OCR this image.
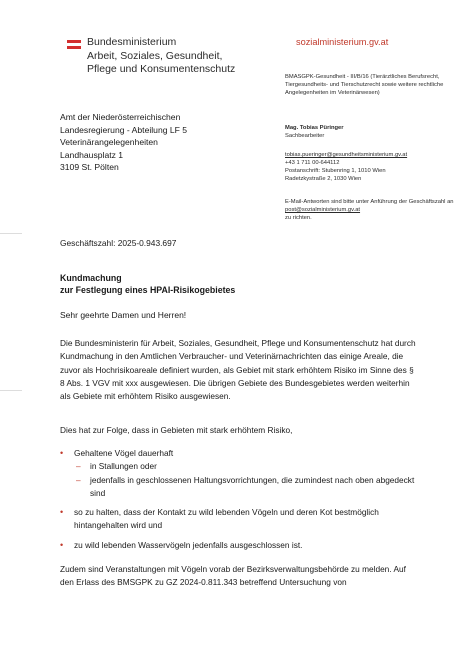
Bundesministerium
Arbeit, Soziales, Gesundheit,
Pflege und Konsumentenschutz
sozialministerium.gv.at
BMASGPK-Gesundheit - III/B/16 (Tierärztliches Berufsrecht, Tiergesundheits- und Tierschutzrecht sowie weitere rechtliche Angelegenheiten im Veterinärwesen)
Mag. Tobias Püringer
Sachbearbeiter
tobias.pueringer@gesundheitsministerium.gv.at
+43 1 711 00-644112
Postanschrift: Stubenring 1, 1010 Wien
Radetzkystraße 2, 1030 Wien
E-Mail-Antworten sind bitte unter Anführung der Geschäftszahl an post@sozialministerium.gv.at
zu richten.
Amt der Niederösterreichischen
Landesregierung - Abteilung LF 5
Veterinärangelegenheiten
Landhausplatz 1
3109 St. Pölten
Geschäftszahl: 2025-0.943.697
Kundmachung
zur Festlegung eines HPAI-Risikogebietes
Sehr geehrte Damen und Herren!
Die Bundesministerin für Arbeit, Soziales, Gesundheit, Pflege und Konsumentenschutz hat durch Kundmachung in den Amtlichen Verbraucher- und Veterinärnachrichten das einige Areale, die zuvor als Hochrisikoareale definiert wurden, als Gebiet mit stark erhöhtem Risiko im Sinne des § 8 Abs. 1 VGV mit xxx ausgewiesen. Die übrigen Gebiete des Bundesgebietes werden weiterhin als Gebiete mit erhöhtem Risiko ausgewiesen.
Dies hat zur Folge, dass in Gebieten mit stark erhöhtem Risiko,
•	Gehaltene Vögel dauerhaft
–	in Stallungen oder
–	jedenfalls in geschlossenen Haltungsvorrichtungen, die zumindest nach oben abgedeckt sind
•	so zu halten, dass der Kontakt zu wild lebenden Vögeln und deren Kot bestmöglich hintangehalten wird und
•	zu wild lebenden Wasservögeln jedenfalls ausgeschlossen ist.
Zudem sind Veranstaltungen mit Vögeln vorab der Bezirksverwaltungsbehörde zu melden. Auf den Erlass des BMSGPK zu GZ 2024-0.811.343 betreffend Untersuchung von
